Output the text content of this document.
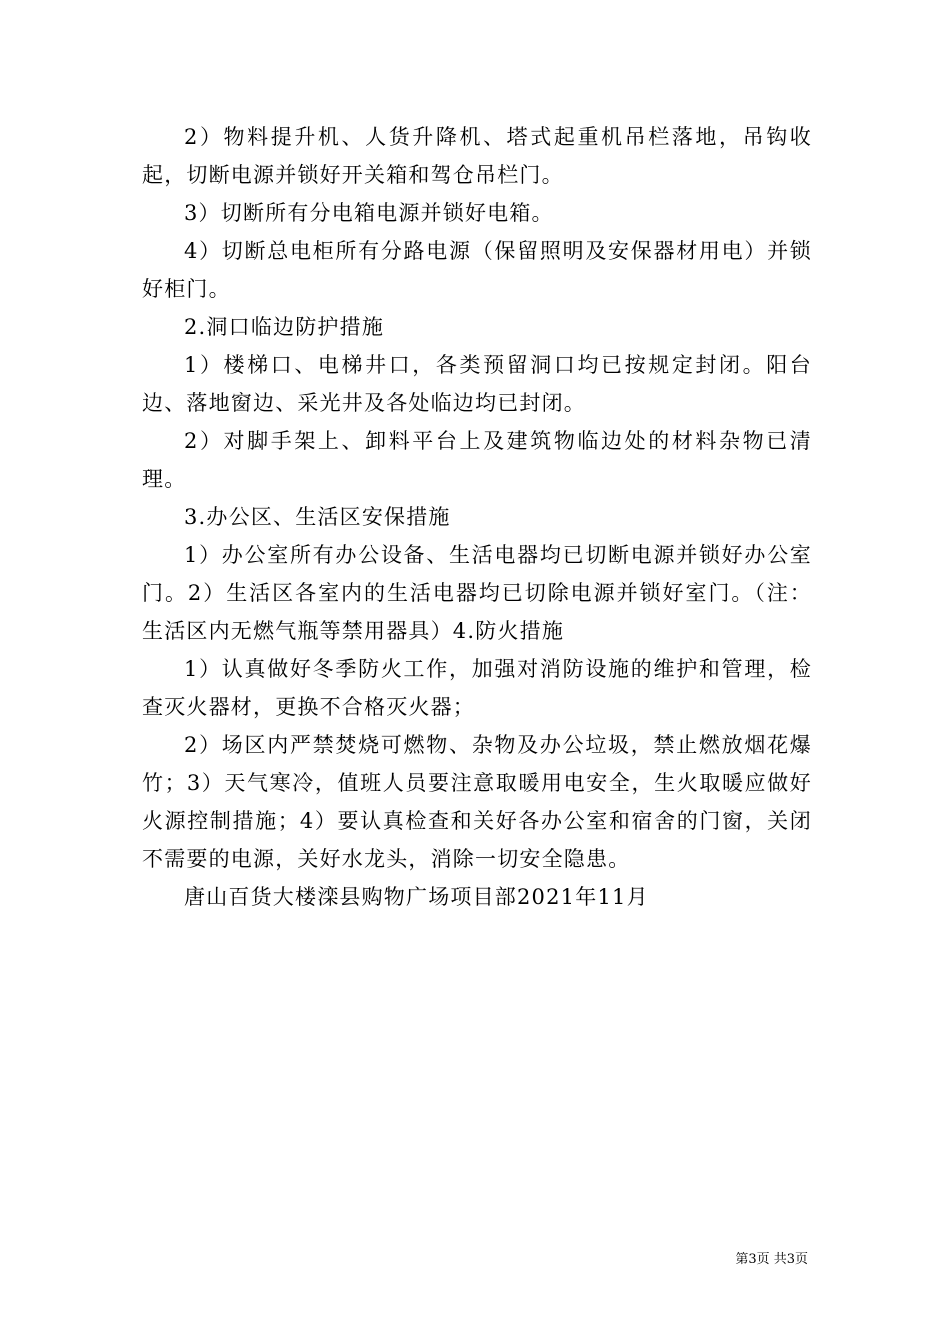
2）物料提升机、人货升降机、塔式起重机吊栏落地，吊钩收起，切断电源并锁好开关箱和驾仓吊栏门。

3）切断所有分电箱电源并锁好电箱。

4）切断总电柜所有分路电源（保留照明及安保器材用电）并锁好柜门。

2.洞口临边防护措施

1）楼梯口、电梯井口，各类预留洞口均已按规定封闭。阳台边、落地窗边、采光井及各处临边均已封闭。

2）对脚手架上、卸料平台上及建筑物临边处的材料杂物已清理。

3.办公区、生活区安保措施

1）办公室所有办公设备、生活电器均已切断电源并锁好办公室门。2）生活区各室内的生活电器均已切除电源并锁好室门。（注：生活区内无燃气瓶等禁用器具）4.防火措施

1）认真做好冬季防火工作，加强对消防设施的维护和管理，检查灭火器材，更换不合格灭火器；

2）场区内严禁焚烧可燃物、杂物及办公垃圾，禁止燃放烟花爆竹；3）天气寒冷，值班人员要注意取暖用电安全，生火取暖应做好火源控制措施；4）要认真检查和关好各办公室和宿舍的门窗，关闭不需要的电源，关好水龙头，消除一切安全隐患。

唐山百货大楼滦县购物广场项目部2021年11月

第3页 共3页
